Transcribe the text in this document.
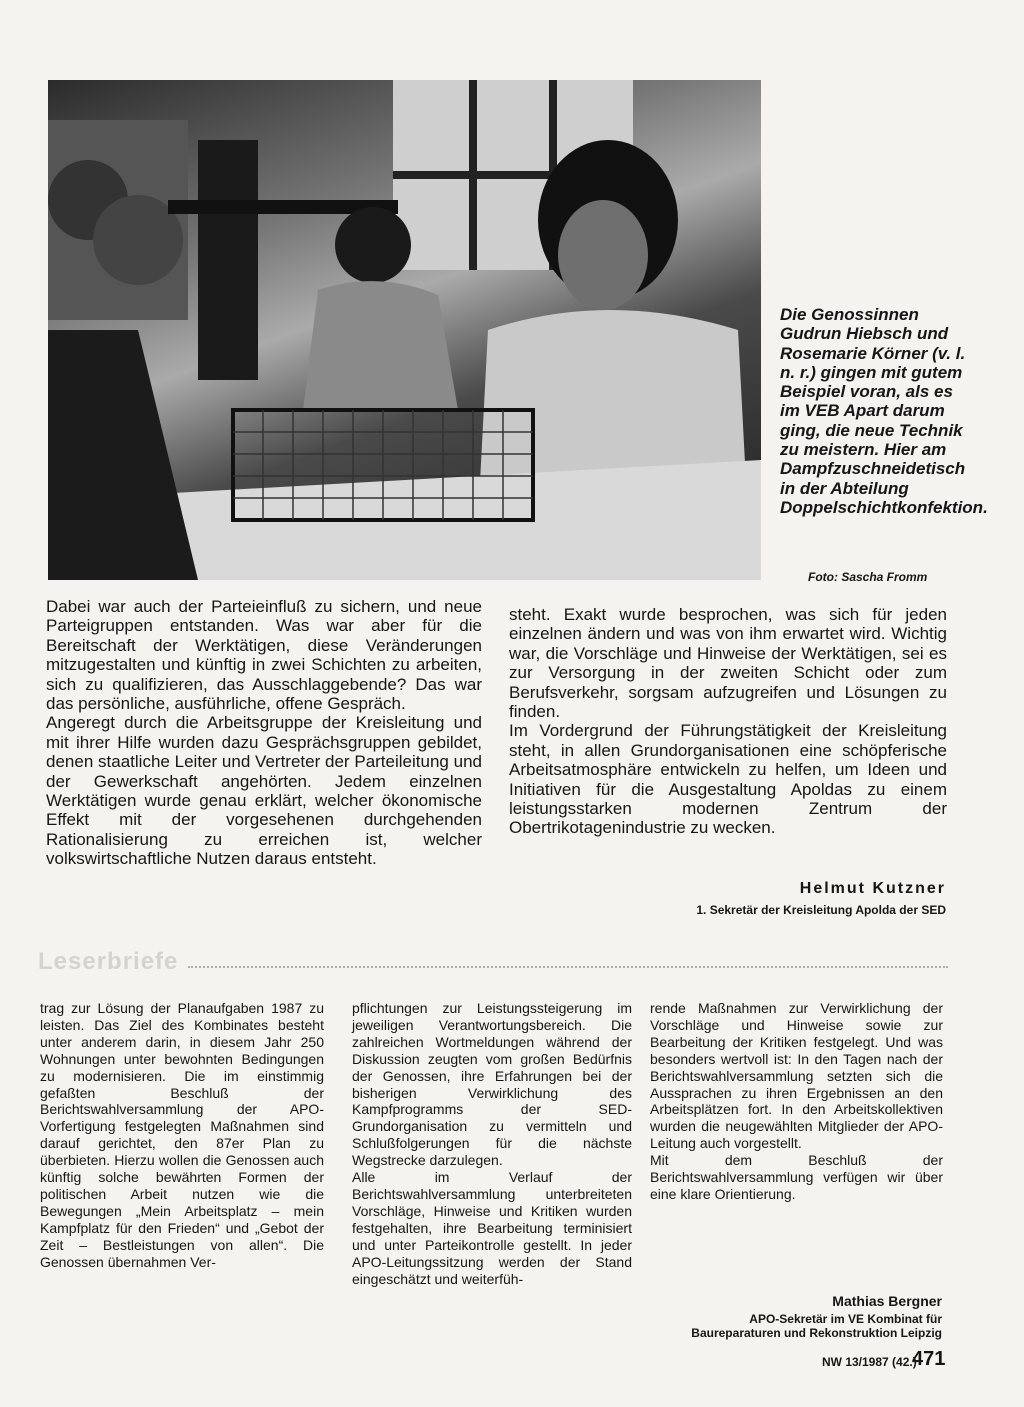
Die Genossinnen Gudrun Hiebsch und Rosemarie Körner (v. l. n. r.) gingen mit gutem Beispiel voran, als es im VEB Apart darum ging, die neue Technik zu meistern. Hier am Dampfzuschneidetisch in der Abteilung Doppelschichtkonfektion.
Foto: Sascha Fromm

Dabei war auch der Parteieinfluß zu sichern, und neue Parteigruppen entstanden. Was war aber für die Bereitschaft der Werktätigen, diese Veränderungen mitzugestalten und künftig in zwei Schichten zu arbeiten, sich zu qualifizieren, das Ausschlaggebende? Das war das persönliche, ausführliche, offene Gespräch.

Angeregt durch die Arbeitsgruppe der Kreisleitung und mit ihrer Hilfe wurden dazu Gesprächsgruppen gebildet, denen staatliche Leiter und Vertreter der Parteileitung und der Gewerkschaft angehörten. Jedem einzelnen Werktätigen wurde genau erklärt, welcher ökonomische Effekt mit der vorgesehenen durchgehenden Rationalisierung zu erreichen ist, welcher volkswirtschaftliche Nutzen daraus entsteht.

steht. Exakt wurde besprochen, was sich für jeden einzelnen ändern und was von ihm erwartet wird. Wichtig war, die Vorschläge und Hinweise der Werktätigen, sei es zur Versorgung in der zweiten Schicht oder zum Berufsverkehr, sorgsam aufzugreifen und Lösungen zu finden.

Im Vordergrund der Führungstätigkeit der Kreisleitung steht, in allen Grundorganisationen eine schöpferische Arbeitsatmosphäre entwickeln zu helfen, um Ideen und Initiativen für die Ausgestaltung Apoldas zu einem leistungsstarken modernen Zentrum der Obertrikotagenindustrie zu wecken.

Helmut Kutzner
1. Sekretär der Kreisleitung Apolda der SED
Leserbriefe

trag zur Lösung der Planaufgaben 1987 zu leisten. Das Ziel des Kombinates besteht unter anderem darin, in diesem Jahr 250 Wohnungen unter bewohnten Bedingungen zu modernisieren. Die im einstimmig gefaßten Beschluß der Berichtswahlversammlung der APO-Vorfertigung festgelegten Maßnahmen sind darauf gerichtet, den 87er Plan zu überbieten. Hierzu wollen die Genossen auch künftig solche bewährten Formen der politischen Arbeit nutzen wie die Bewegungen „Mein Arbeitsplatz – mein Kampfplatz für den Frieden“ und „Gebot der Zeit – Bestleistungen von allen“. Die Genossen übernahmen Ver-

pflichtungen zur Leistungssteigerung im jeweiligen Verantwortungsbereich. Die zahlreichen Wortmeldungen während der Diskussion zeugten vom großen Bedürfnis der Genossen, ihre Erfahrungen bei der bisherigen Verwirklichung des Kampfprogramms der SED-Grundorganisation zu vermitteln und Schlußfolgerungen für die nächste Wegstrecke darzulegen.

Alle im Verlauf der Berichtswahlversammlung unterbreiteten Vorschläge, Hinweise und Kritiken wurden festgehalten, ihre Bearbeitung terminisiert und unter Parteikontrolle gestellt. In jeder APO-Leitungssitzung werden der Stand eingeschätzt und weiterfüh-

rende Maßnahmen zur Verwirklichung der Vorschläge und Hinweise sowie zur Bearbeitung der Kritiken festgelegt. Und was besonders wertvoll ist: In den Tagen nach der Berichtswahlversammlung setzten sich die Aussprachen zu ihren Ergebnissen an den Arbeitsplätzen fort. In den Arbeitskollektiven wurden die neugewählten Mitglieder der APO-Leitung auch vorgestellt.

Mit dem Beschluß der Berichtswahlversammlung verfügen wir über eine klare Orientierung.

Mathias Bergner
APO-Sekretär im VE Kombinat für
Baureparaturen und Rekonstruktion Leipzig
NW 13/1987 (42.)
471
